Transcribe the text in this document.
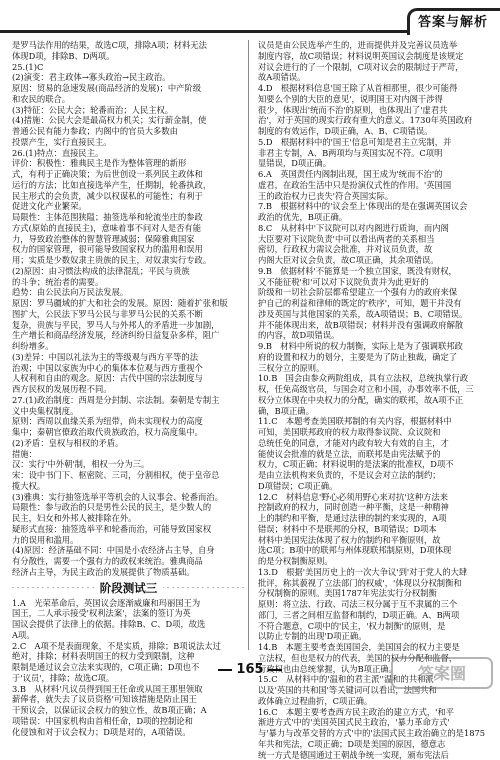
答案与解析
是罗马法作用的结果，故选C项，排除A项；材料无法
体现D项，排除B、D两项。
25.(1)C
(2)演变：君主政体→寡头政治→民主政治。
原因：贸易的急速发展(商品经济的发展)；中产阶级
和农民的联合。
(3)特征：公民大会；轮番而治；人民主权。
(4)措施：公民大会是最高权力机关；实行薪金制，使
普通公民有能力参政；内阁中的官员大多数由
投票产生，实行直接民主。
26.(1)特点：直接民主。
评价：积极性：雅典民主是作为整体管理的新形
式，有利于正确决策；为后世创设一系列民主政体和
运行的方法；比如直接选举产生，任期制，轮番执政，
民主形式的会负责，减少以权谋私的可能性；有利于
促进文化产业繁荣。
局限性：主体范围狭隘；抽签选举和轮流坐庄的参政
方式(原始的直接民主)，意味着事不问对人是否有能
力，导致政治整体的智慧管理减弱；保障雅典国家
权力的国家管理，很可能导致国家权力的滥用和误用
用；实质是少数奴隶主贵族的民主，对奴隶实行专政。
(2)原因：由习惯法构成的法律混乱；平民与贵族
的斗争；统治者的需要。
趋势：由公民法向万民法发展。
原因：罗马疆域的扩大和社会的发展。原因：随着扩张和版
图扩大，公民法下罗马公民与非罗马公民的关系不断
复杂，贵族与平民，罗马人与外邦人的矛盾进一步加剧，
生产增长和商品经济发展，经济纠纷日益复杂多样，阻广
纠纷增多。
(3)差异：中国以礼法为主的等级观与西方平等的法
治观；中国以家族为中心的集体本位观与西方重视个
人权利和自由的观念。原因：古代中国的宗法制度与
西方民权的发展历程不同。
27.(1)政治制度：西周是分封制、宗法制。秦朝是专制主
义中央集权制度。
原则：西周以血缘关系为纽带，尚未实现权力的高度
集中；秦朝官僚政治取代贵族政治，权力高度集中。
(2)矛盾：皇权与相权的矛盾。
措施：
汉：实行'中外朝'制，相权一分为三。
宋：设中书门下、枢密院、三司，分割相权，使于皇帝总
揽大权。
(3)雅典：实行抽签选举平等机会的人议事会、轮番而治。
局限性：参与政治的只是男性公民的民主，是少数人的
民主，妇女和外邦人被排除在外。
疑形式直接：抽签选举平和轮番而治，可能导致国家权
力的误用和滥用。
(4)原因：经济基础不同：中国是小农经济占主导，自身
有分散性，需要一个强有力的政权来统治。雅典商品
经济占主导，为民主政治的发展提供了物质基础。
阶段测试三
1.A　光荣革命后，英国议会逐渐威廉和玛丽国王为
国王，二人承示接受'权利法案'，法案的签订为英
国议会提供了法律上的依据。排除B、C、D项，故选
A项。
2.C　A项不是表面现象，不是实质，排除；B项说法太过
绝对，排除；材料表明国王的权力受到限制，这种
限制是通过议会立法来实现的，C项正确；D项也不
于'议员'，排除；故选C项。
3.B　从材料'凡议员得到国王任命或从国王那里领取
薪俸者，就失去了议员资格'可知该措施是防止国王
干预议会，以保证议会权力的独立性，故B项正确；A
项错误：中国家机构由首相任命，D项的控制论和
化侵蚀和对于议会权力；D项是对的，A项错误。
议员是由公民选举产生的，进而提供并及完善议员选举
制度内容，故C项错误；材料说明英国议会制度是该规定
对议会进行的了一个限制，C项对议会的限制过于严苛，
故A项错误。
4.D　根据材料信息'国王除了从首相那里，很少可能得
知要么个别的大臣的意见'，说明国王对内阁干涉得
很少，体现出'统而不治'的原则，也体现出了'虚君共
治'，对于英国的现实行政有重大的意义。1730年英国政府
制度的有效运作，D项正确，A、B、C项错误。
5.D　根据材料中的'国王'信息可知是君主立宪制，并
非君主专制，A、B两项均与英国实况不符。C项明
显错误，D项正确。
6.A　英国责任内阁制出现，国王成为'统而不治'的
虚君，在政治生活中只是扮演仪式性的作用。'英国国
王的政治权力已丧失'符合英国实际。
7.B　根据材料中的'议会至上'体现出的是在强调英国议会
政治的优先，B项正确。
8.C　从材料中'下议院可以对内阁进行质询，而内阁
大臣要对下议院负责'中可以看出两者的关系相当
密切，行政权力需议会批准，并对议员负责，故
内阁大臣对议会负责，故C项正确，其余项错误。
9.B　依据材料'不能算是一个独立国家，既没有财权，
又不能征税'和'可以对下议院负责并为此更好的
阶级和一切社会阶层都希望建立一个强有力的政府来保
护自己的利益和律师的既定的'秩序'，可知，题干并没有
涉及英国与其他国家的关系，故A项错误；B、C项错误。
并不能体现出来，故B项错误；材料并没有强调政府解散
的内容，故D项错误。
9.B　材料中所说的权力制衡，实际上是为了强调联邦政
府的设置和权力的划分，主要是为了防止独裁，确定了
三权分立的原则。
10.B　国会由参众两院组成，具有立法权，总统执掌行政
权，任免高级官员，与国会对立和小国，办事效率不低，三
权分立体现在中央权力的分配，确实的联邦，故A项不正
确，B项正确。
11.C　本题考查美国联邦制的有关内容，根据材料中
可知，美国联邦政府的权力取得参议院、众议院和
总统任免的同意，才能对内政有较大有效的自主，才
能使议会批准的就是立法，而联邦是由宪法赋予的
权力，C项正确；材料说明的是法案的批准权，D项不
是由立法机构来负责的，不是议会对立法的制约；
D项错误；C项正确。
12.C　材料信息'野心必须用野心来对抗'这种方法来
控制政府的权力，同时创造一种平衡，这是一种精神
上的制约和平衡，是通过法律的制约来实现的，A项
错误；材料中不是联邦的分权，B项错误；D项本
材料中美国宪法体现了权力的制约和平衡原则，故
选C项；B项中的联邦与州体现联邦制原则，D项体现
的是分权制衡原则。
13.D　根据'美国历史上的一次大争议'到'对于党人的大肆
批评，称其藐视了立法部门的权威'，'体现以分权制衡和
分权制衡的原则。美国1787年宪法实行分权制衡
原则：将立法、行政、司法三权分属于互不隶属的三个
部门，三者之间相互监督和制约，D项正确。A、B两项
不符合题意，C项中的'民主，'权力制衡'的原则，是
以防止专制的出现'D项正确。
14.B　本题主要考查美国国会，美国国会的权力主要是
立法权，但也是权力的代表，美国的权力分配和监督，
行政权也由总统掌握，认为B项正确。
15.C　从材料中的'温和的君主派''温和的共和派'
以及'英国的共和国'等关键词可以看出，法国共和
政体确立过程曲折，C项正确。
16.C　本题主要考查西方民主政治的建立方式，'和平
渐进方式'中的'美国英国式民主政治，'暴力革命方式'
与'暴力与改革交替的方式'中的'法国式民主政治确立的是1875
年共和宪法，C项正确；D项是美国的原因，德意志
统一方式是德国通过王朝战争统一实现，颁布宪法后
165	答案圈
